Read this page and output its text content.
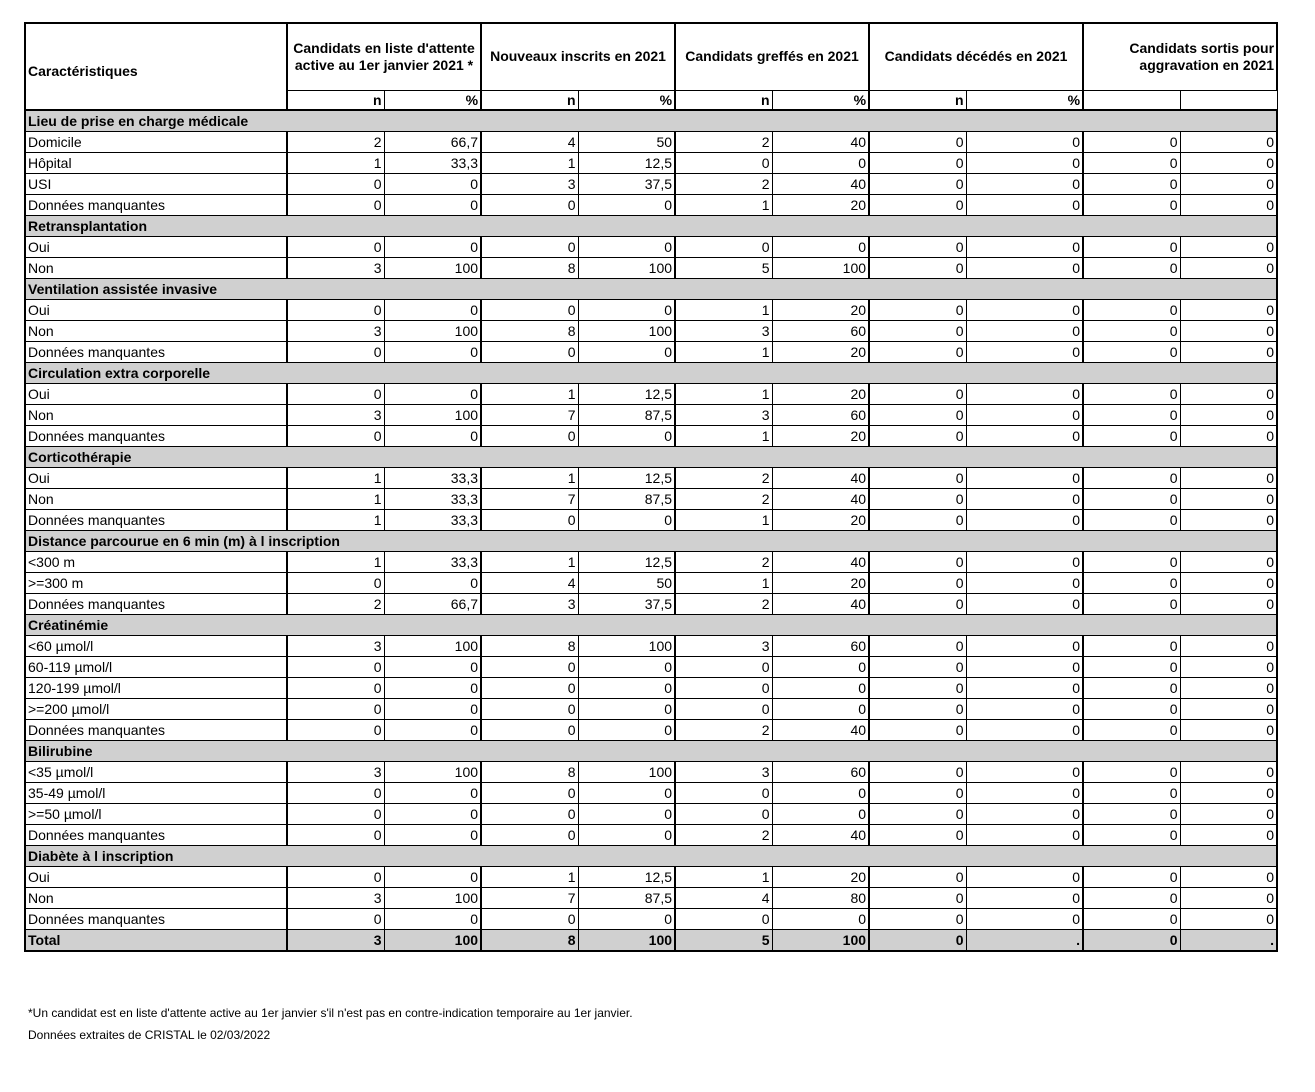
Caractéristiques	Candidats en liste d'attente active au 1er janvier 2021 *		Nouveaux inscrits en 2021		Candidats greffés en 2021		Candidats décédés en 2021		Candidats sortis pour aggravation en 2021	
	n	%	n	%	n	%	n	%		
Lieu de prise en charge médicale										
Domicile	2	66,7	4	50	2	40	0	0	0	0
Hôpital	1	33,3	1	12,5	0	0	0	0	0	0
USI	0	0	3	37,5	2	40	0	0	0	0
Données manquantes	0	0	0	0	1	20	0	0	0	0
Retransplantation										
Oui	0	0	0	0	0	0	0	0	0	0
Non	3	100	8	100	5	100	0	0	0	0
Ventilation assistée invasive										
Oui	0	0	0	0	1	20	0	0	0	0
Non	3	100	8	100	3	60	0	0	0	0
Données manquantes	0	0	0	0	1	20	0	0	0	0
Circulation extra corporelle										
Oui	0	0	1	12,5	1	20	0	0	0	0
Non	3	100	7	87,5	3	60	0	0	0	0
Données manquantes	0	0	0	0	1	20	0	0	0	0
Corticothérapie										
Oui	1	33,3	1	12,5	2	40	0	0	0	0
Non	1	33,3	7	87,5	2	40	0	0	0	0
Données manquantes	1	33,3	0	0	1	20	0	0	0	0
Distance parcourue en 6 min (m) à l inscription										
<300 m	1	33,3	1	12,5	2	40	0	0	0	0
>=300 m	0	0	4	50	1	20	0	0	0	0
Données manquantes	2	66,7	3	37,5	2	40	0	0	0	0
Créatinémie										
<60 µmol/l	3	100	8	100	3	60	0	0	0	0
60-119 µmol/l	0	0	0	0	0	0	0	0	0	0
120-199 µmol/l	0	0	0	0	0	0	0	0	0	0
>=200 µmol/l	0	0	0	0	0	0	0	0	0	0
Données manquantes	0	0	0	0	2	40	0	0	0	0
Bilirubine										
<35 µmol/l	3	100	8	100	3	60	0	0	0	0
35-49 µmol/l	0	0	0	0	0	0	0	0	0	0
>=50 µmol/l	0	0	0	0	0	0	0	0	0	0
Données manquantes	0	0	0	0	2	40	0	0	0	0
Diabète à l inscription										
Oui	0	0	1	12,5	1	20	0	0	0	0
Non	3	100	7	87,5	4	80	0	0	0	0
Données manquantes	0	0	0	0	0	0	0	0	0	0
Total	3	100	8	100	5	100	0	.	0	.
*Un candidat est en liste d'attente active au 1er janvier s'il n'est pas en contre-indication temporaire au 1er janvier.
Données extraites de CRISTAL le 02/03/2022
